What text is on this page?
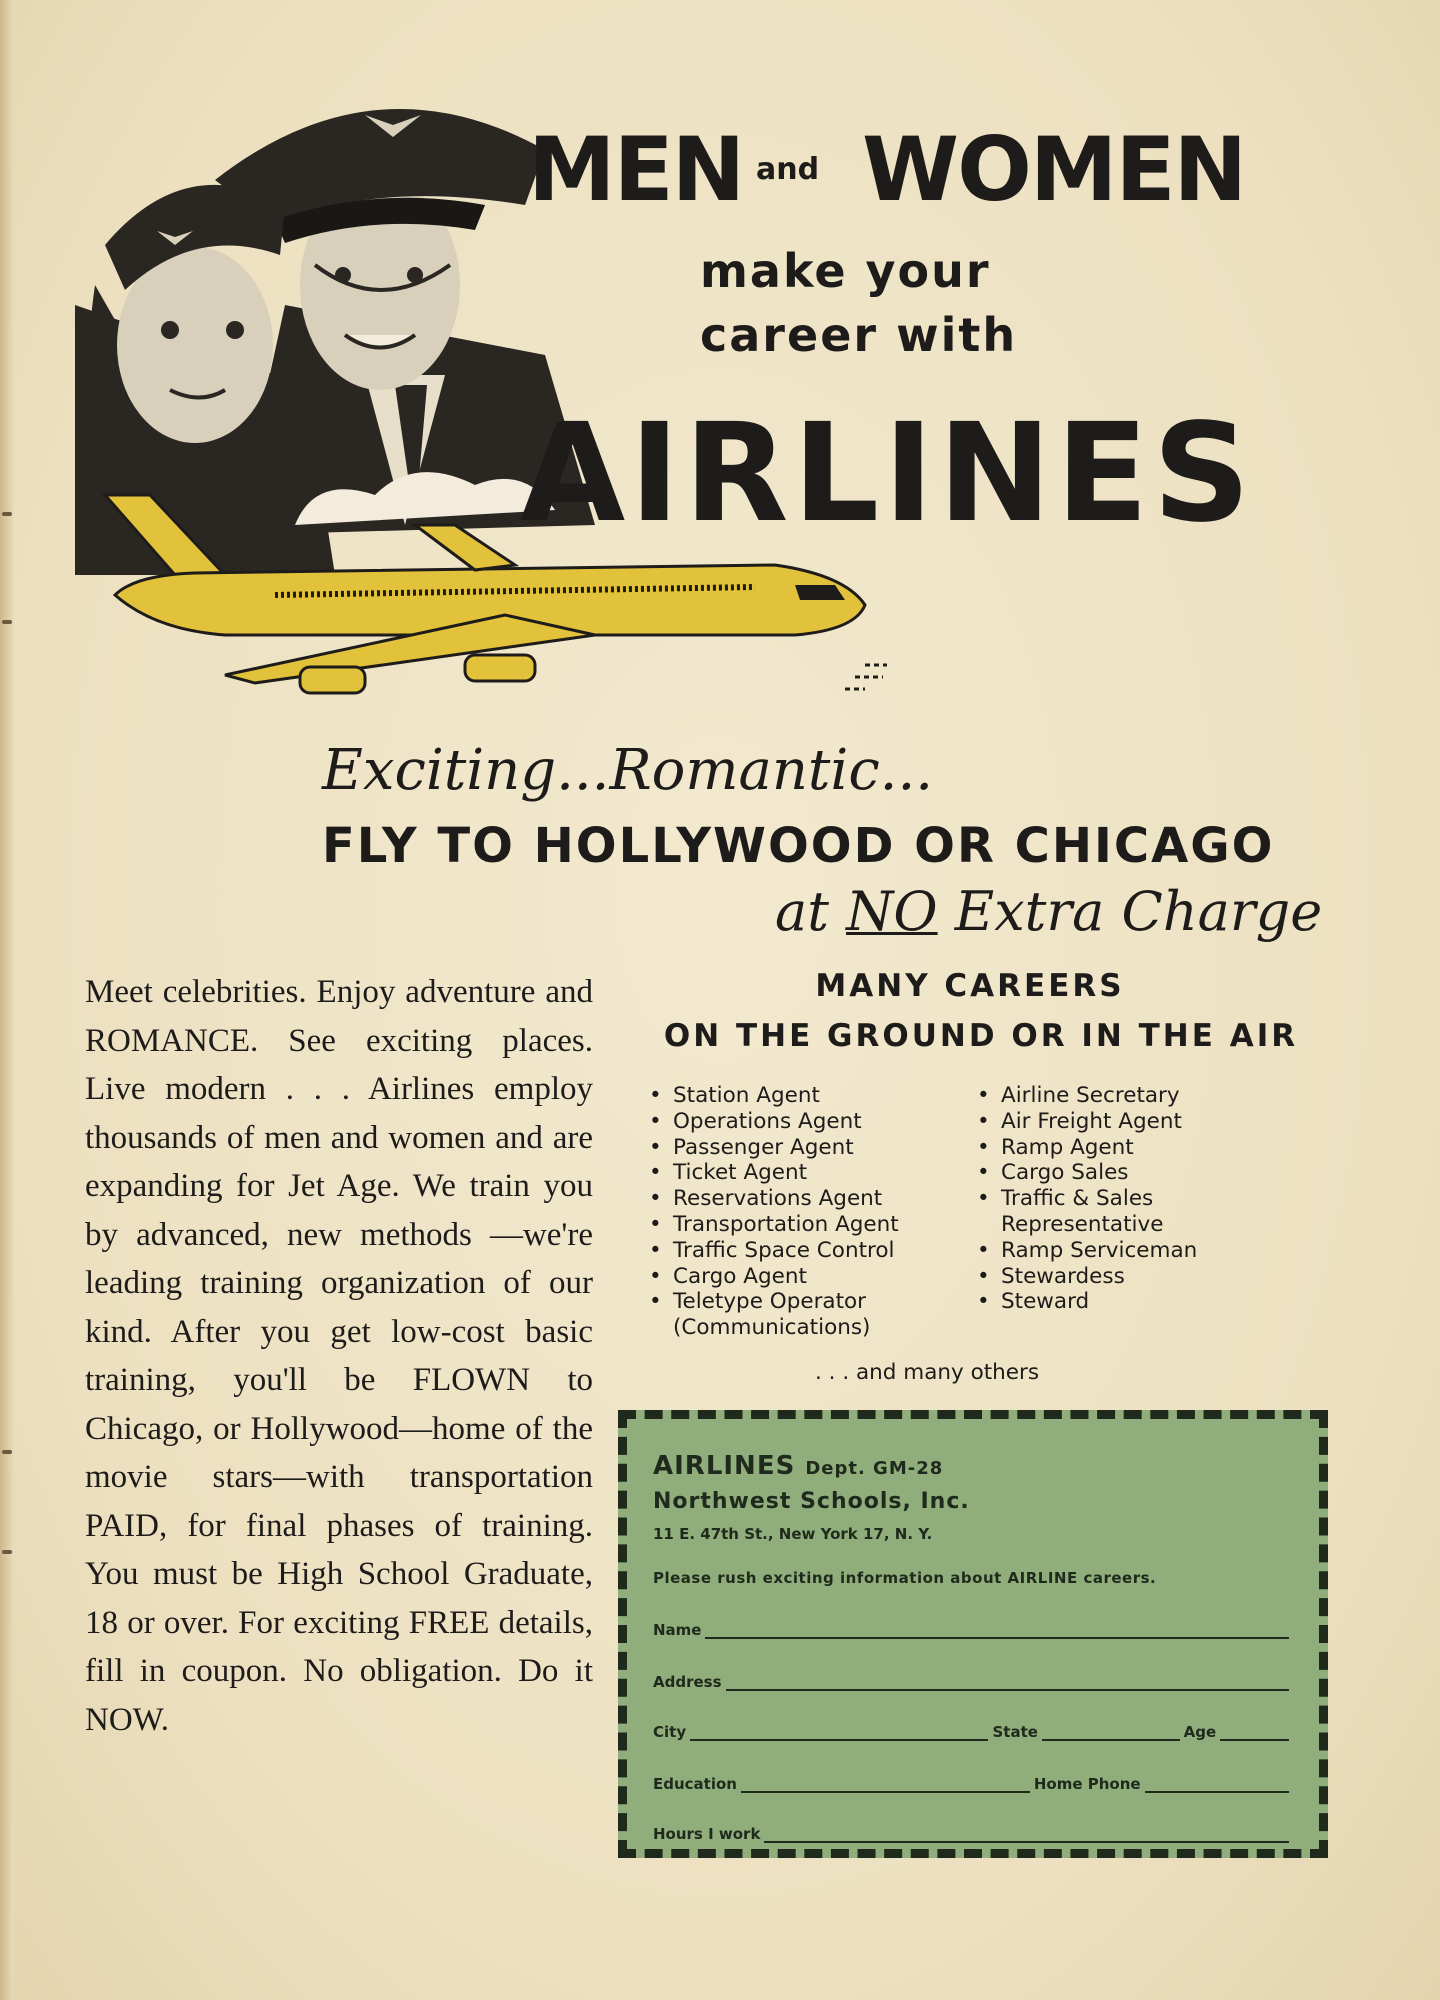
MEN and WOMEN
make your
career with
AIRLINES
Exciting...Romantic...
FLY TO HOLLYWOOD OR CHICAGO
at NO Extra Charge
Meet celebrities. Enjoy adventure and ROMANCE. See exciting places. Live modern . . . Airlines employ thousands of men and women and are expanding for Jet Age. We train you by advanced, new methods —we're leading training organization of our kind. After you get low-cost basic training, you'll be FLOWN to Chicago, or Hollywood—home of the movie stars—with transportation PAID, for final phases of training. You must be High School Graduate, 18 or over. For exciting FREE details, fill in coupon. No obligation. Do it NOW.
MANY CAREERS
ON THE GROUND OR IN THE AIR
• Station Agent
• Operations Agent
• Passenger Agent
• Ticket Agent
• Reservations Agent
• Transportation Agent
• Traffic Space Control
• Cargo Agent
• Teletype Operator
(Communications)
• Airline Secretary
• Air Freight Agent
• Ramp Agent
• Cargo Sales
• Traffic & Sales
Representative
• Ramp Serviceman
• Stewardess
• Steward
. . . and many others
AIRLINES Dept. GM-28
Northwest Schools, Inc.
11 E. 47th St., New York 17, N. Y.
Please rush exciting information about AIRLINE careers.
Name
Address
City	State	Age
Education	Home Phone
Hours I work
